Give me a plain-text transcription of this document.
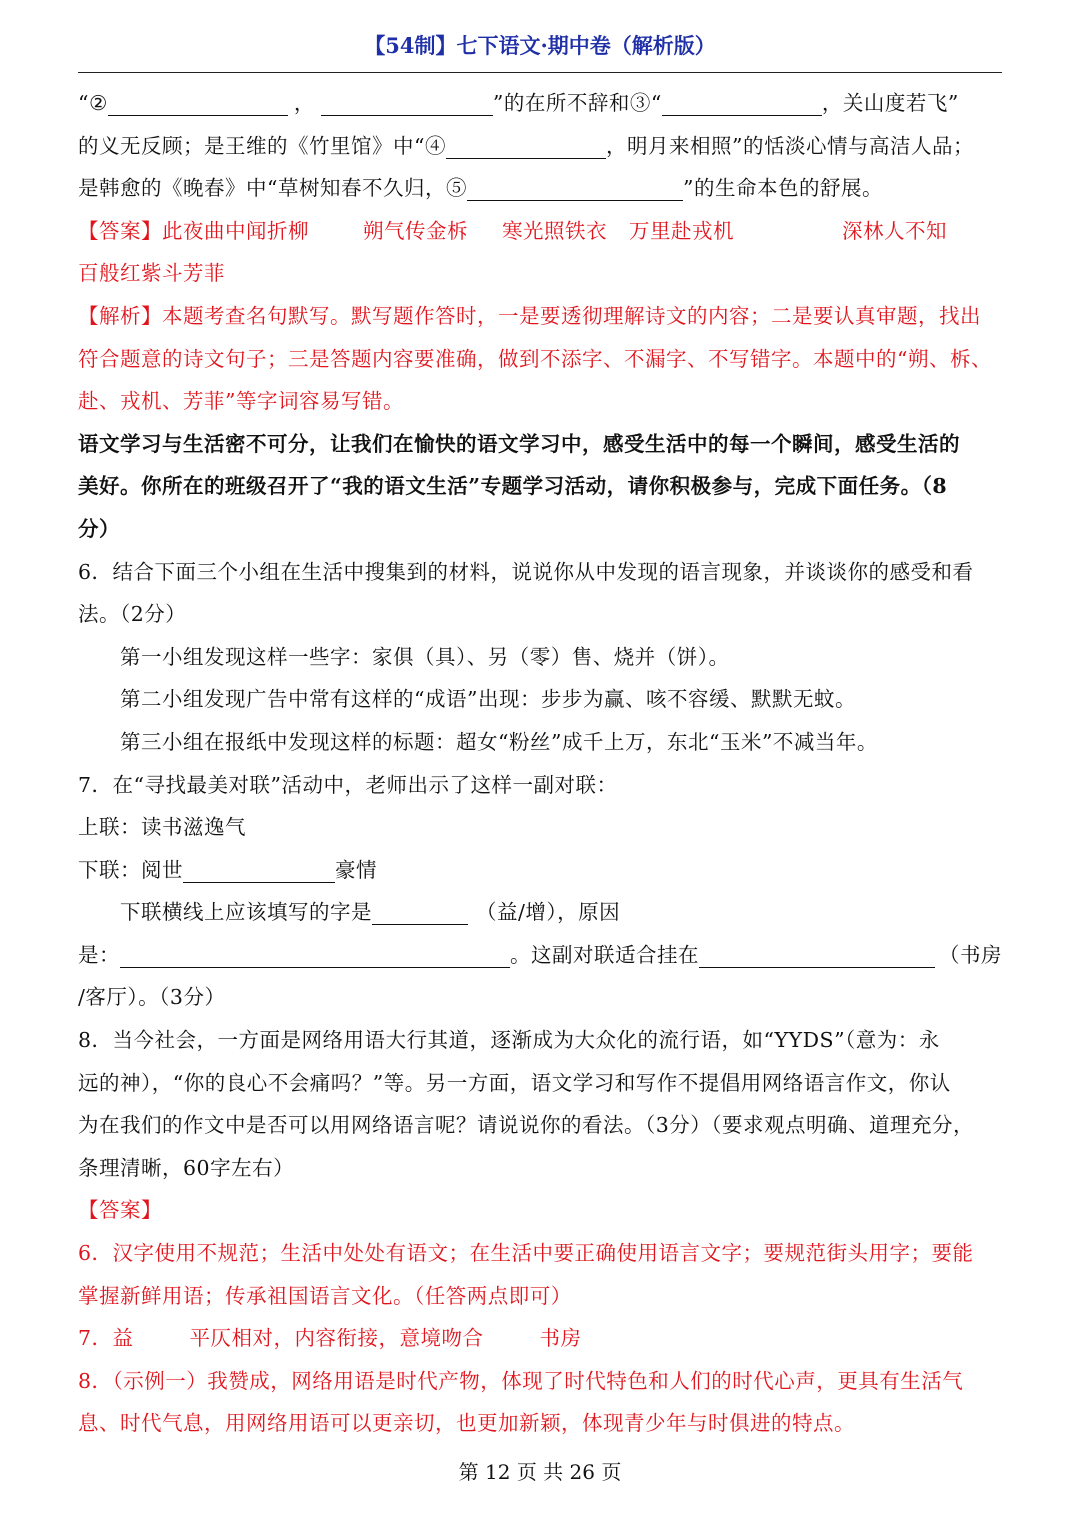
【54制】七下语文·期中卷（解析版）
“②	，	”的在所不辞和③“	，关山度若飞”
的义无反顾；是王维的《竹里馆》中“④	，明月来相照”的恬淡心情与高洁人品；
是韩愈的《晚春》中“草树知春不久归，⑤	”的生命本色的舒展。
【答案】此夜曲中闻折柳	朔气传金柝 寒光照铁衣 万里赴戎机	深林人不知
百般红紫斗芳菲
【解析】本题考查名句默写。默写题作答时，一是要透彻理解诗文的内容；二是要认真审题，找出
符合题意的诗文句子；三是答题内容要准确，做到不添字、不漏字、不写错字。本题中的“朔、柝、
赴、戎机、芳菲”等字词容易写错。
语文学习与生活密不可分，让我们在愉快的语文学习中，感受生活中的每一个瞬间，感受生活的
美好。你所在的班级召开了“我的语文生活”专题学习活动，请你积极参与，完成下面任务。（8
分）
6．结合下面三个小组在生活中搜集到的材料，说说你从中发现的语言现象，并谈谈你的感受和看
法。（2分）
第一小组发现这样一些字：家俱（具）、另（零）售、烧并（饼）。
第二小组发现广告中常有这样的“成语”出现：步步为赢、咳不容缓、默默无蚊。
第三小组在报纸中发现这样的标题：超女“粉丝”成千上万，东北“玉米”不减当年。
7．在“寻找最美对联”活动中，老师出示了这样一副对联：
上联：读书滋逸气
下联：阅世	豪情
下联横线上应该填写的字是	（益/增），原因
是：	。这副对联适合挂在	（书房
/客厅）。（3分）
8．当今社会，一方面是网络用语大行其道，逐渐成为大众化的流行语，如“YYDS”（意为：永
远的神），“你的良心不会痛吗？”等。另一方面，语文学习和写作不提倡用网络语言作文，你认
为在我们的作文中是否可以用网络语言呢？请说说你的看法。（3分）（要求观点明确、道理充分，
条理清晰，60字左右）
【答案】
6．汉字使用不规范；生活中处处有语文；在生活中要正确使用语言文字；要规范街头用字；要能
掌握新鲜用语；传承祖国语言文化。（任答两点即可）
7．益	平仄相对，内容衔接，意境吻合	书房
8．（示例一）我赞成，网络用语是时代产物，体现了时代特色和人们的时代心声，更具有生活气
息、时代气息，用网络用语可以更亲切，也更加新颖，体现青少年与时俱进的特点。
第 12 页 共 26 页
